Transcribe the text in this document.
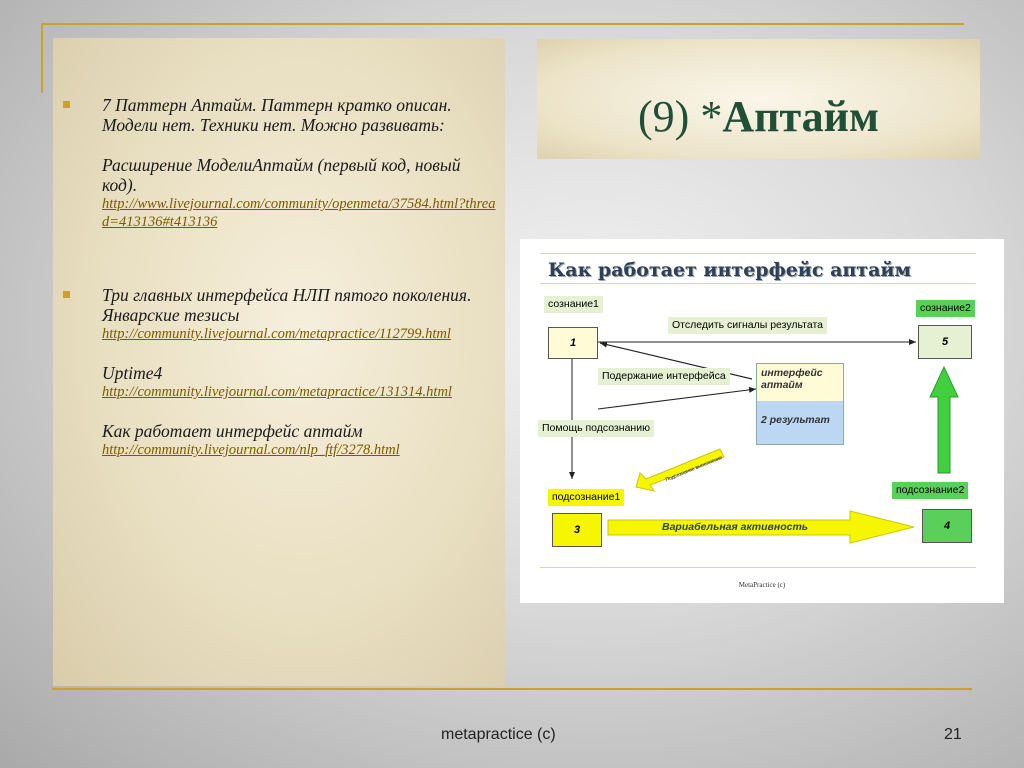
7 Паттерн Аптайм. Паттерн кратко описан. Модели нет. Техники нет. Можно развивать:

Расширение МоделиАптайм (первый код, новый код).

http://www.livejournal.com/community/openmeta/37584.html?thread=413136#t413136

Три главных интерфейса НЛП пятого поколения. Январские тезисы

http://community.livejournal.com/metapractice/112799.html

Uptime4

http://community.livejournal.com/metapractice/131314.html

Как работает интерфейс аптайм

http://community.livejournal.com/nlp_ftf/3278.html
(9) *Аптайм
Как работает интерфейс аптайм
сознание1	сознание2
Отследить сигналы результата
Подержание интерфейса
Помощь подсознанию
подсознание1
подсознание2
1	5
3	4
интерфейс аптайм
2 результат
Вариабельная активность
Подсознание выполнение
MetaPractice (c)
metapractice (c)	21
